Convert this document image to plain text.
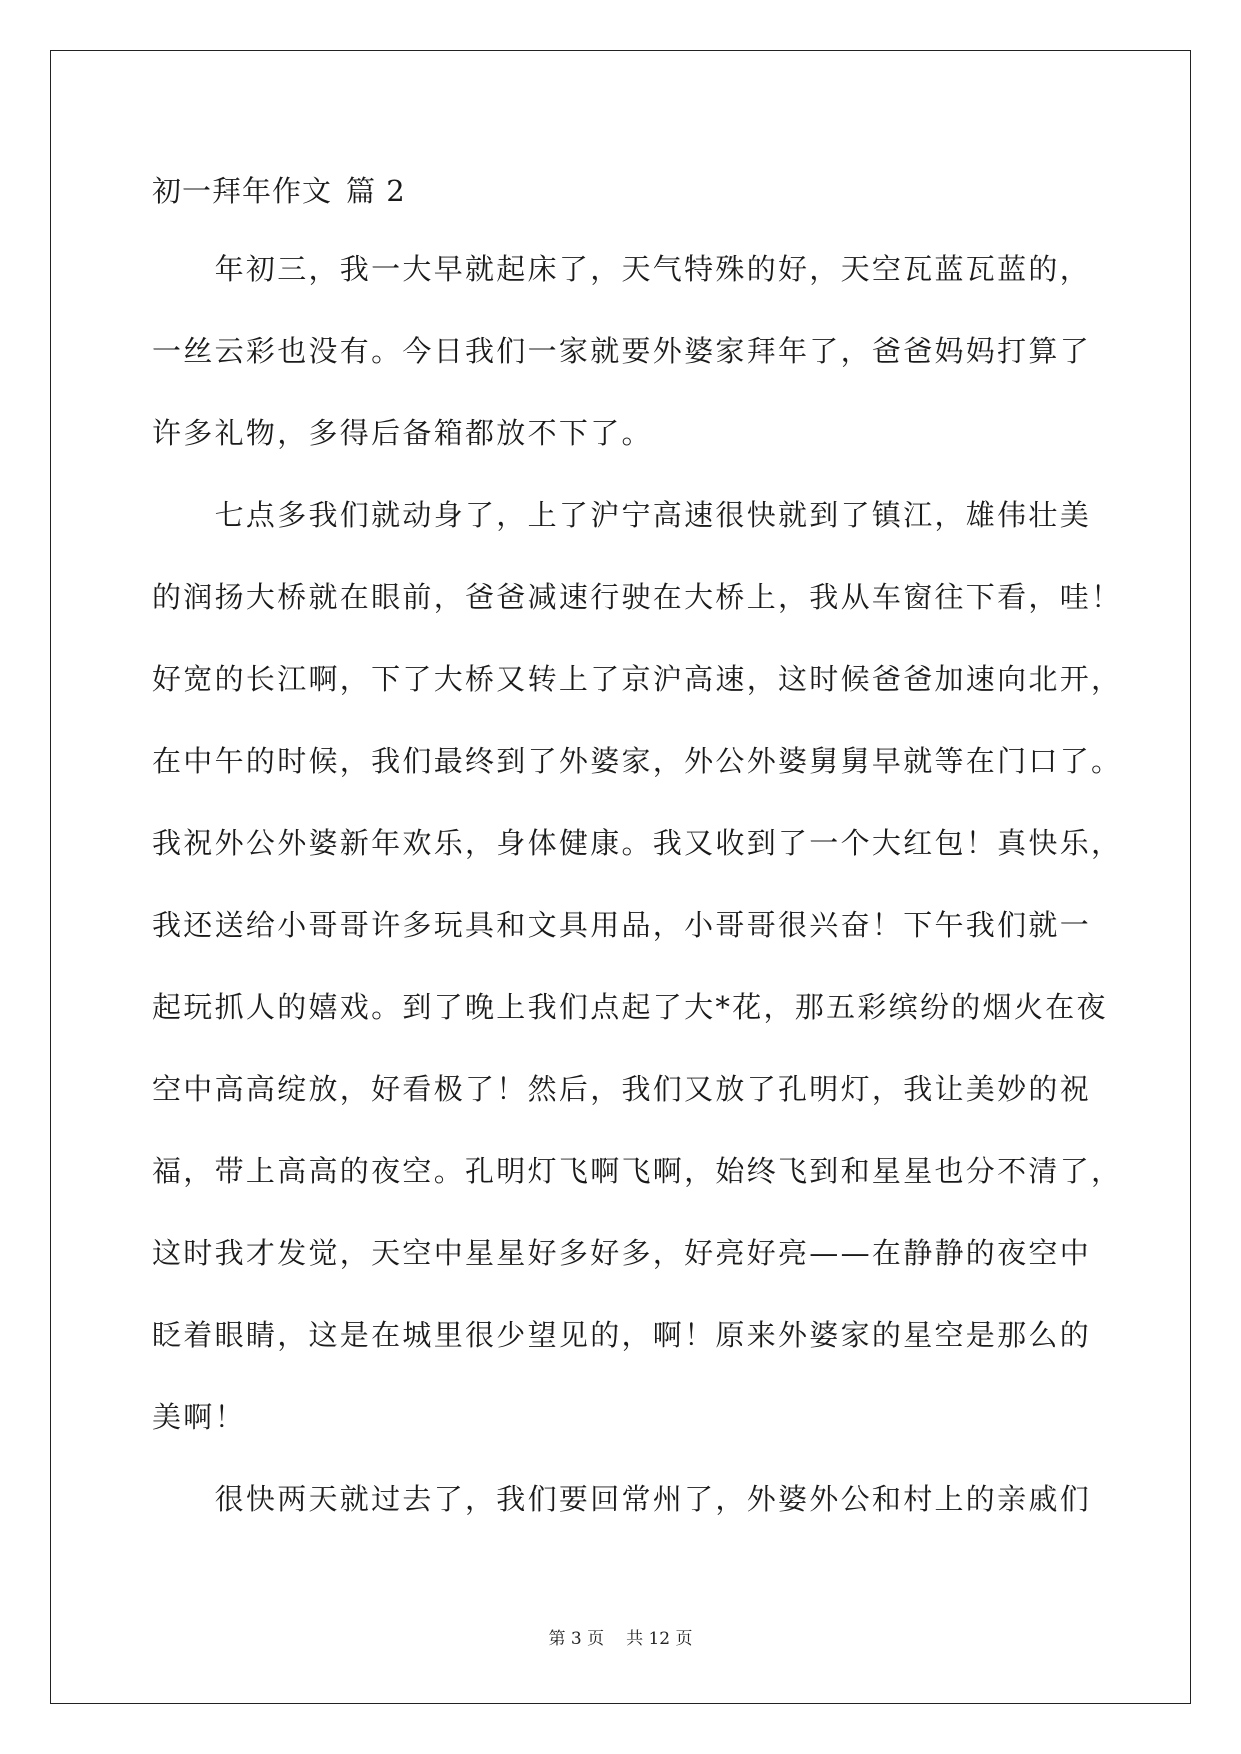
初一拜年作文 篇 2
　　年初三，我一大早就起床了，天气特殊的好，天空瓦蓝瓦蓝的，
一丝云彩也没有。今日我们一家就要外婆家拜年了，爸爸妈妈打算了
许多礼物，多得后备箱都放不下了。
　　七点多我们就动身了，上了沪宁高速很快就到了镇江，雄伟壮美
的润扬大桥就在眼前，爸爸减速行驶在大桥上，我从车窗往下看，哇！
好宽的长江啊，下了大桥又转上了京沪高速，这时候爸爸加速向北开，
在中午的时候，我们最终到了外婆家，外公外婆舅舅早就等在门口了。
我祝外公外婆新年欢乐，身体健康。我又收到了一个大红包！真快乐，
我还送给小哥哥许多玩具和文具用品，小哥哥很兴奋！下午我们就一
起玩抓人的嬉戏。到了晚上我们点起了大*花，那五彩缤纷的烟火在夜
空中高高绽放，好看极了！然后，我们又放了孔明灯，我让美妙的祝
福，带上高高的夜空。孔明灯飞啊飞啊，始终飞到和星星也分不清了，
这时我才发觉，天空中星星好多好多，好亮好亮——在静静的夜空中
眨着眼睛，这是在城里很少望见的，啊！原来外婆家的星空是那么的
美啊！
　　很快两天就过去了，我们要回常州了，外婆外公和村上的亲戚们
第 3 页 共 12 页
